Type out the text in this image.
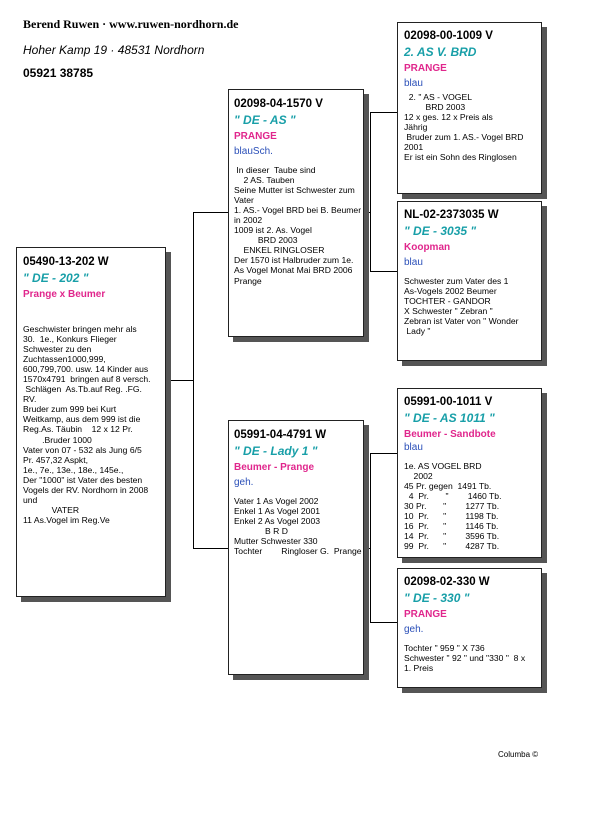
Berend Ruwen · www.ruwen-nordhorn.de
Hoher Kamp 19 · 48531 Nordhorn
05921 38785
05490-13-202 W
" DE - 202 "
Prange x Beumer
Geschwister bringen mehr als
30.  1e., Konkurs Flieger
Schwester zu den
Zuchtassen1000,999,
600,799,700. usw. 14 Kinder aus
1570x4791  bringen auf 8 versch.
Schlägen  As.Tb.auf Reg. .FG.
RV.
Bruder zum 999 bei Kurt
Weitkamp, aus dem 999 ist die
Reg.As. Täubin    12 x 12 Pr.
.Bruder 1000
Vater von 07 - 532 als Jung 6/5
Pr. 457,32 Aspkt,
1e., 7e., 13e., 18e., 145e.,
Der "1000" ist Vater des besten
Vogels der RV. Nordhorn in 2008
und
VATER
11 As.Vogel im Reg.Ve
02098-04-1570 V
" DE - AS "
PRANGE
blauSch.
In dieser  Taube sind
2 AS. Tauben
Seine Mutter ist Schwester zum
Vater
1. AS.- Vogel BRD bei B. Beumer
in 2002
1009 ist 2. As. Vogel
BRD 2003
ENKEL RINGLOSER
Der 1570 ist Halbruder zum 1e.
As Vogel Monat Mai BRD 2006
Prange
05991-04-4791 W
" DE - Lady 1 "
Beumer - Prange
geh.
Vater 1 As Vogel 2002
Enkel 1 As Vogel 2001
Enkel 2 As Vogel 2003
B R D
Mutter Schwester 330
Tochter        Ringloser G.  Prange
02098-00-1009 V
2. AS V. BRD
PRANGE
blau
2. " AS - VOGEL
BRD 2003
12 x ges. 12 x Preis als
Jährig
Bruder zum 1. AS.- Vogel BRD
2001
Er ist ein Sohn des Ringlosen
NL-02-2373035 W
" DE - 3035 "
Koopman
blau
Schwester zum Vater des 1
As-Vogels 2002 Beumer
TOCHTER - GANDOR
X Schwester " Zebran "
Zebran ist Vater von " Wonder
Lady "
05991-00-1011 V
" DE - AS 1011 "
Beumer - Sandbote
blau
1e. AS VOGEL BRD
2002
45 Pr. gegen  1491 Tb.
4  Pr.       "        1460 Tb.
30 Pr.       "        1277 Tb.
10  Pr.      "        1198 Tb.
16  Pr.      "        1146 Tb.
14  Pr.      "        3596 Tb.
99  Pr.      "        4287 Tb.
02098-02-330 W
" DE - 330 "
PRANGE
geh.
Tochter " 959 " X 736
Schwester " 92 " und "330 "  8 x
1. Preis
Columba ©
